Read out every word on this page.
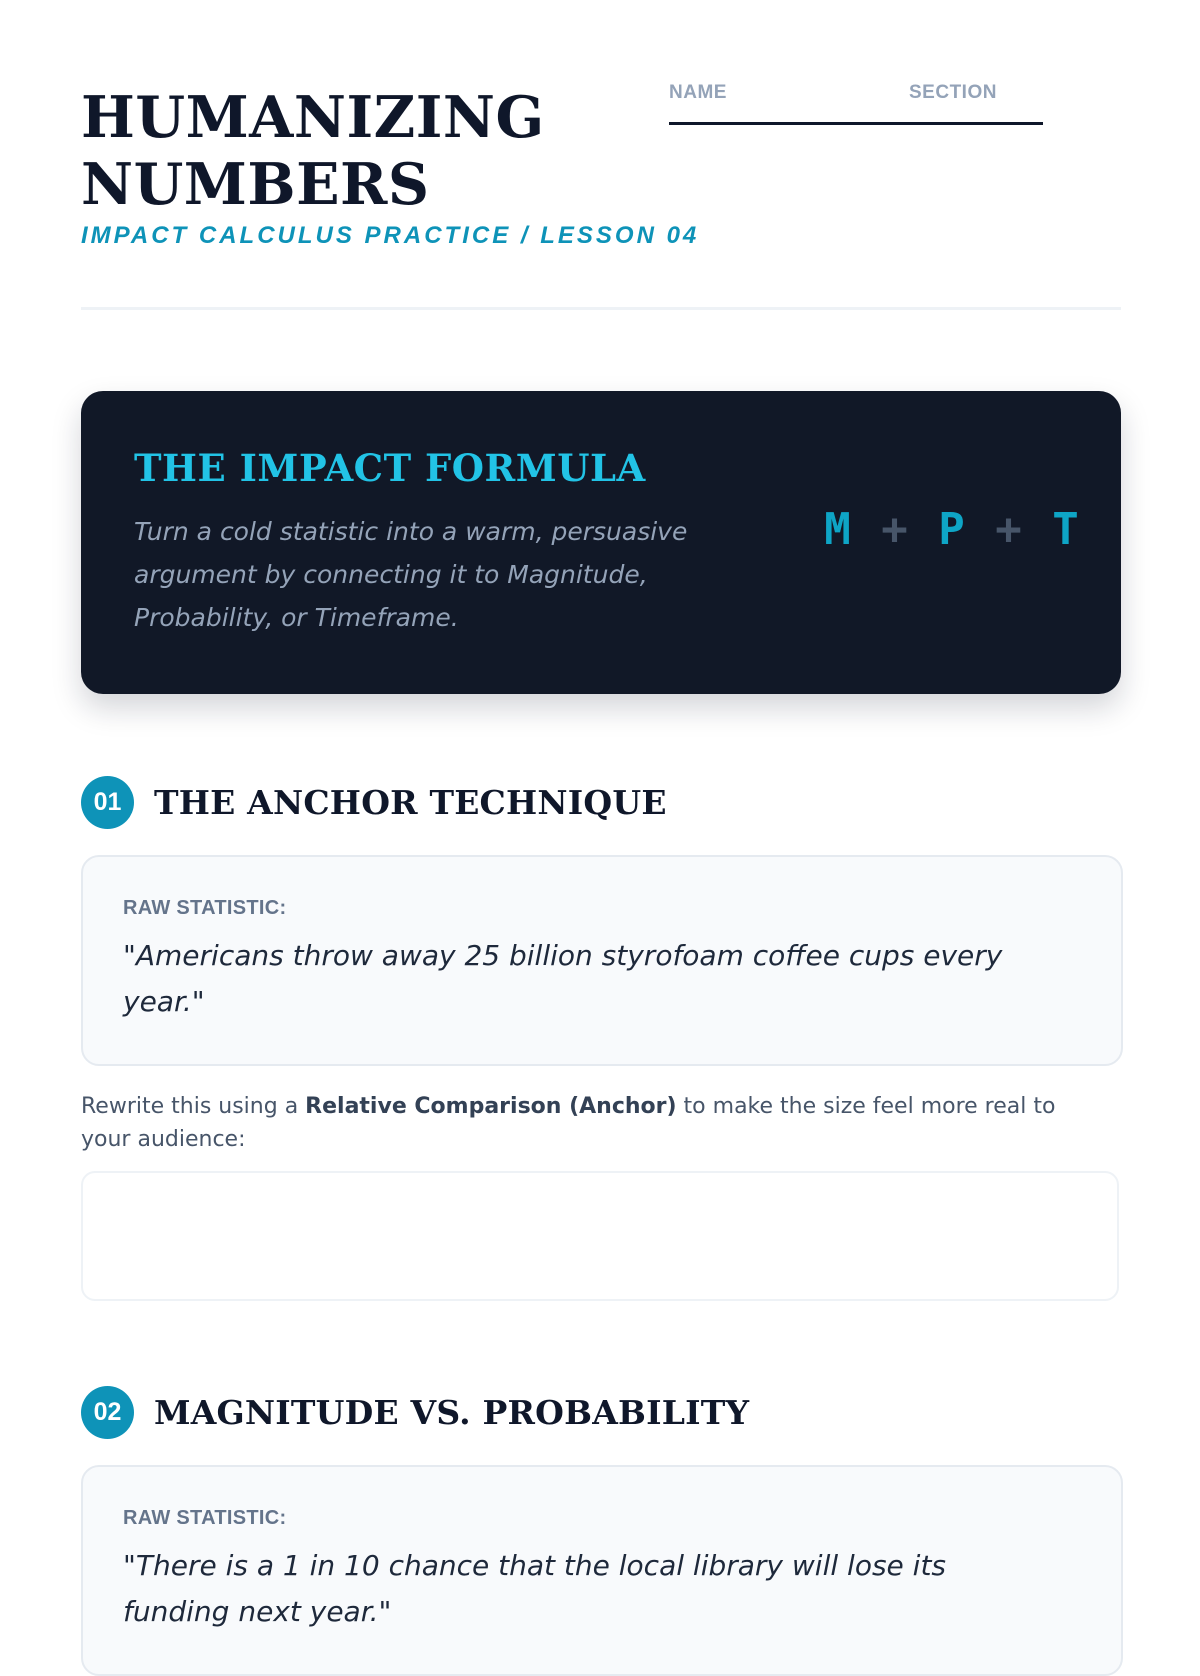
HUMANIZING
NUMBERS
IMPACT CALCULUS PRACTICE / LESSON 04
NAME	SECTION
THE IMPACT FORMULA
Turn a cold statistic into a warm, persuasive argument by connecting it to Magnitude, Probability, or Timeframe.
M + P + T
01 THE ANCHOR TECHNIQUE
RAW STATISTIC:
"Americans throw away 25 billion styrofoam coffee cups every year."
Rewrite this using a Relative Comparison (Anchor) to make the size feel more real to your audience:
02 MAGNITUDE VS. PROBABILITY
RAW STATISTIC:
"There is a 1 in 10 chance that the local library will lose its funding next year."
